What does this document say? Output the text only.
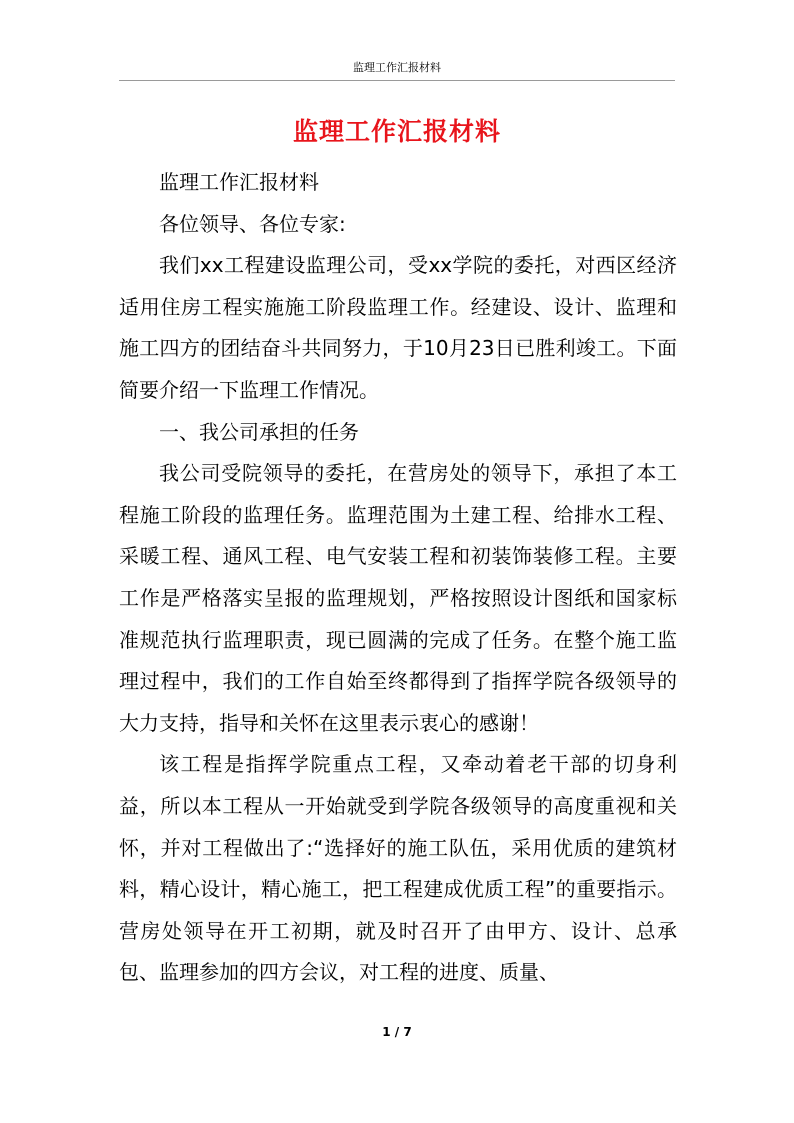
监理工作汇报材料
监理工作汇报材料

监理工作汇报材料

各位领导、各位专家:

我们xx工程建设监理公司，受xx学院的委托，对西区经济适用住房工程实施施工阶段监理工作。经建设、设计、监理和施工四方的团结奋斗共同努力，于10月23日已胜利竣工。下面简要介绍一下监理工作情况。

一、我公司承担的任务

我公司受院领导的委托，在营房处的领导下，承担了本工程施工阶段的监理任务。监理范围为土建工程、给排水工程、采暖工程、通风工程、电气安装工程和初装饰装修工程。主要工作是严格落实呈报的监理规划，严格按照设计图纸和国家标准规范执行监理职责，现已圆满的完成了任务。在整个施工监理过程中，我们的工作自始至终都得到了指挥学院各级领导的大力支持，指导和关怀在这里表示衷心的感谢！

该工程是指挥学院重点工程，又牵动着老干部的切身利益，所以本工程从一开始就受到学院各级领导的高度重视和关怀，并对工程做出了:“选择好的施工队伍，采用优质的建筑材料，精心设计，精心施工，把工程建成优质工程”的重要指示。营房处领导在开工初期，就及时召开了由甲方、设计、总承包、监理参加的四方会议，对工程的进度、质量、

1 / 7
